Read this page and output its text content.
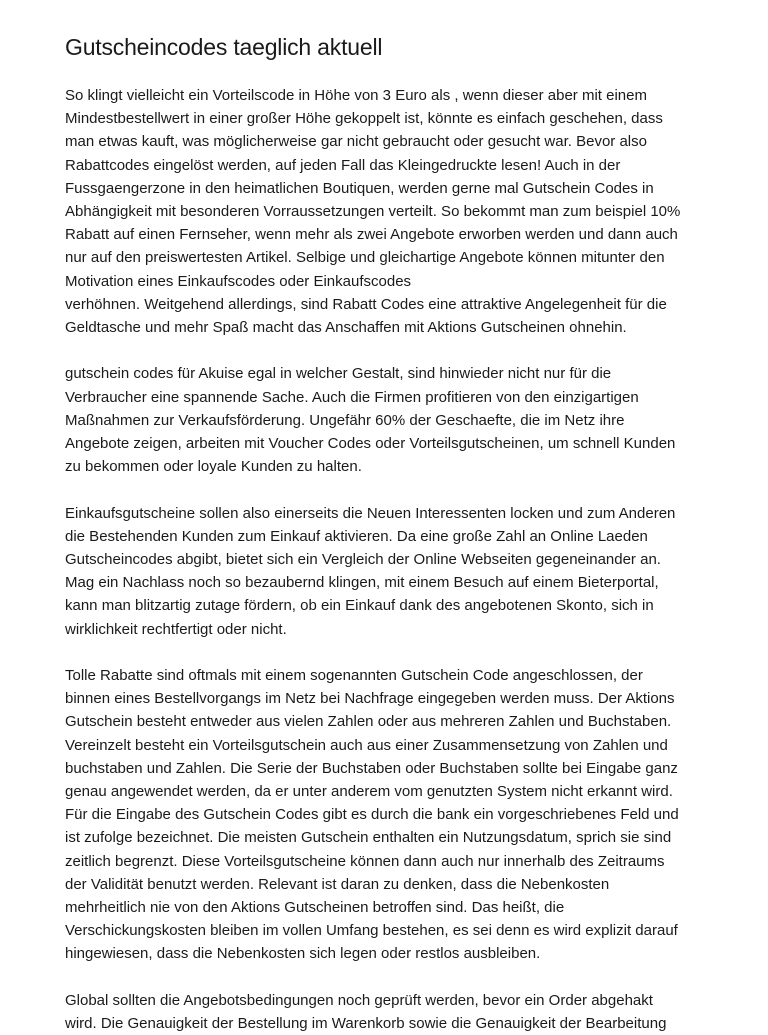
Gutscheincodes taeglich aktuell

So klingt vielleicht ein Vorteilscode in Höhe von 3 Euro als , wenn dieser aber mit einem
Mindestbestellwert in einer großer Höhe gekoppelt ist, könnte es einfach geschehen, dass
man etwas kauft, was möglicherweise gar nicht gebraucht oder gesucht war. Bevor also
Rabattcodes eingelöst werden, auf jeden Fall das Kleingedruckte lesen! Auch in der
Fussgaengerzone in den heimatlichen Boutiquen, werden gerne mal Gutschein Codes in
Abhängigkeit mit besonderen Vorraussetzungen verteilt. So bekommt man zum beispiel 10%
Rabatt auf einen Fernseher, wenn mehr als zwei Angebote erworben werden und dann auch
nur auf den preiswertesten Artikel. Selbige und gleichartige Angebote können mitunter den
Motivation eines Einkaufscodes oder Einkaufscodes
verhöhnen. Weitgehend allerdings, sind Rabatt Codes eine attraktive Angelegenheit für die
Geldtasche und mehr Spaß macht das Anschaffen mit Aktions Gutscheinen ohnehin.

gutschein codes für Akuise egal in welcher Gestalt, sind hinwieder nicht nur für die
Verbraucher eine spannende Sache. Auch die Firmen profitieren von den einzigartigen
Maßnahmen zur Verkaufsförderung. Ungefähr 60% der Geschaefte, die im Netz ihre
Angebote zeigen, arbeiten mit Voucher Codes oder Vorteilsgutscheinen, um schnell Kunden
zu bekommen oder loyale Kunden zu halten.

Einkaufsgutscheine sollen also einerseits die Neuen Interessenten locken und zum Anderen
die Bestehenden Kunden zum Einkauf aktivieren. Da eine große Zahl an Online Laeden
Gutscheincodes abgibt, bietet sich ein Vergleich der Online Webseiten gegeneinander an.
Mag ein Nachlass noch so bezaubernd klingen, mit einem Besuch auf einem Bieterportal,
kann man blitzartig zutage fördern, ob ein Einkauf dank des angebotenen Skonto, sich in
wirklichkeit rechtfertigt oder nicht.

Tolle Rabatte sind oftmals mit einem sogenannten Gutschein Code angeschlossen, der
binnen eines Bestellvorgangs im Netz bei Nachfrage eingegeben werden muss. Der Aktions
Gutschein besteht entweder aus vielen Zahlen oder aus mehreren Zahlen und Buchstaben.
Vereinzelt besteht ein Vorteilsgutschein auch aus einer Zusammensetzung von Zahlen und
buchstaben und Zahlen. Die Serie der Buchstaben oder Buchstaben sollte bei Eingabe ganz
genau angewendet werden, da er unter anderem vom genutzten System nicht erkannt wird.
Für die Eingabe des Gutschein Codes gibt es durch die bank ein vorgeschriebenes Feld und
ist zufolge bezeichnet. Die meisten Gutschein enthalten ein Nutzungsdatum, sprich sie sind
zeitlich begrenzt. Diese Vorteilsgutscheine können dann auch nur innerhalb des Zeitraums
der Validität benutzt werden. Relevant ist daran zu denken, dass die Nebenkosten
mehrheitlich nie von den Aktions Gutscheinen betroffen sind. Das heißt, die
Verschickungskosten bleiben im vollen Umfang bestehen, es sei denn es wird explizit darauf
hingewiesen, dass die Nebenkosten sich legen oder restlos ausbleiben.

Global sollten die Angebotsbedingungen noch geprüft werden, bevor ein Order abgehakt
wird. Die Genauigkeit der Bestellung im Warenkorb sowie die Genauigkeit der Bearbeitung
